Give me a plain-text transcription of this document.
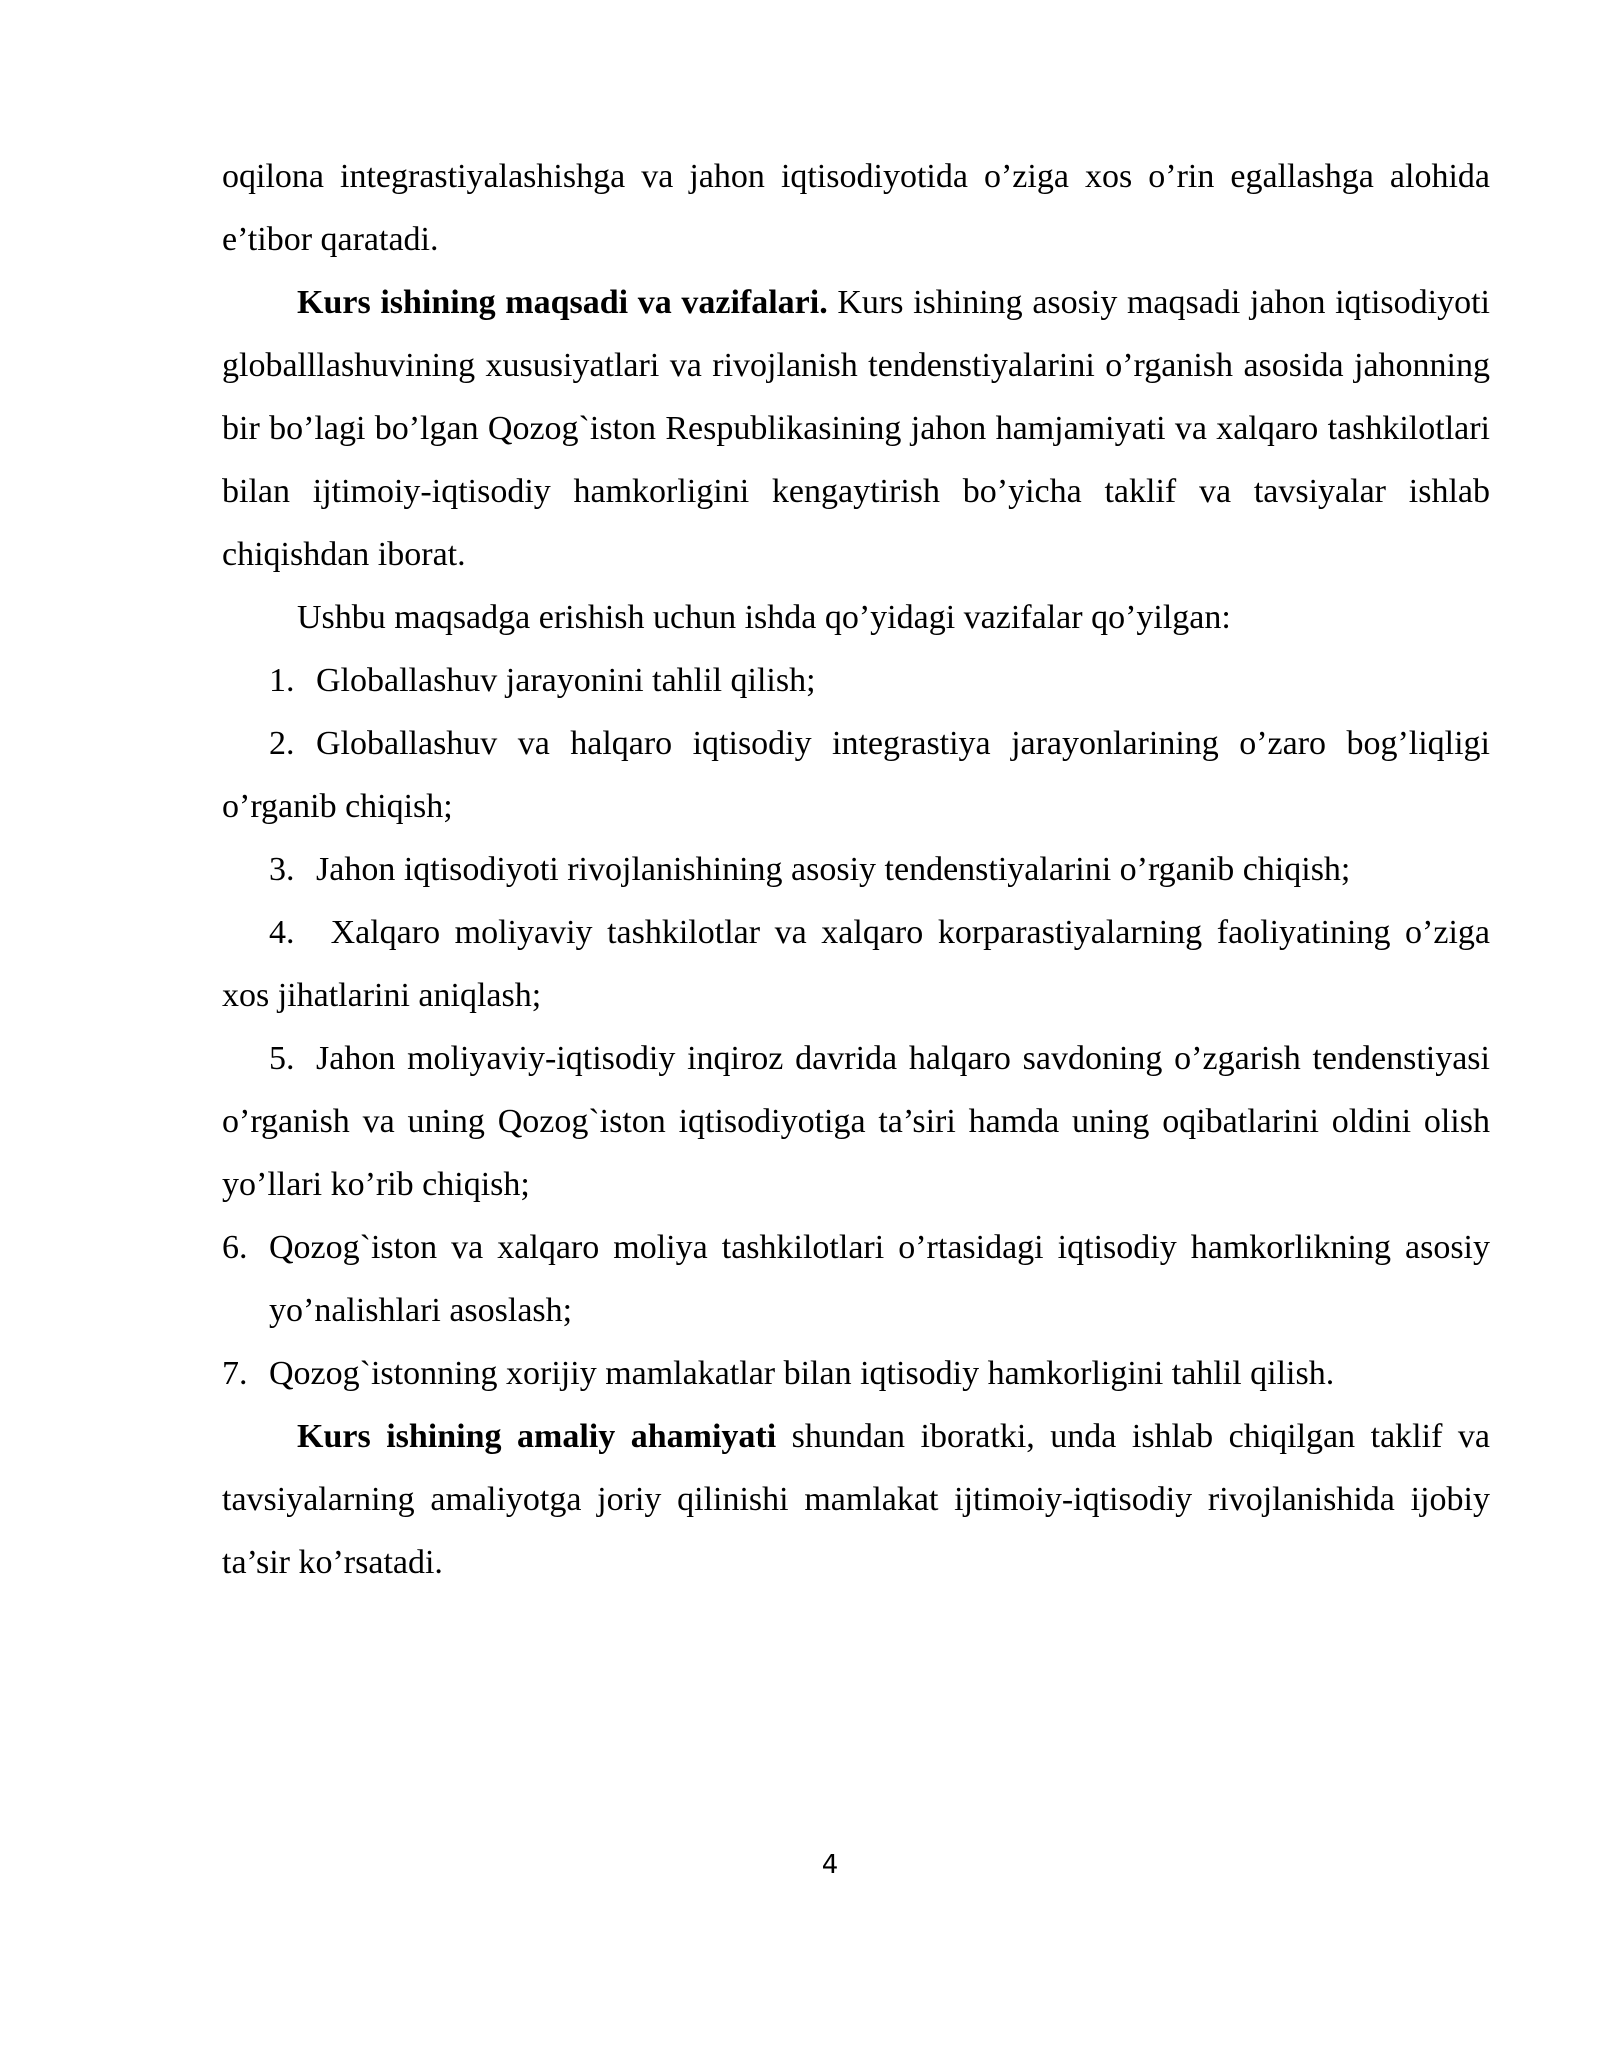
oqilona integrastiyalashishga va jahon iqtisodiyotida o’ziga xos o’rin egallashga alohida e’tibor qaratadi.

Kurs ishining maqsadi va vazifalari. Kurs ishining asosiy maqsadi jahon iqtisodiyoti globalllashuvining xususiyatlari va rivojlanish tendenstiyalarini o’rganish asosida jahonning bir bo’lagi bo’lgan Qozog`iston Respublikasining jahon hamjamiyati va xalqaro tashkilotlari bilan ijtimoiy-iqtisodiy hamkorligini kengaytirish bo’yicha taklif va tavsiyalar ishlab chiqishdan iborat.

Ushbu maqsadga erishish uchun ishda qo’yidagi vazifalar qo’yilgan:

1. Globallashuv jarayonini tahlil qilish;

2. Globallashuv va halqaro iqtisodiy integrastiya jarayonlarining o’zaro bog’liqligi o’rganib chiqish;

3. Jahon iqtisodiyoti rivojlanishining asosiy tendenstiyalarini o’rganib chiqish;

4. Xalqaro moliyaviy tashkilotlar va xalqaro korparastiyalarning faoliyatining o’ziga xos jihatlarini aniqlash;

5. Jahon moliyaviy-iqtisodiy inqiroz davrida halqaro savdoning o’zgarish tendenstiyasi o’rganish va uning Qozog`iston iqtisodiyotiga ta’siri hamda uning oqibatlarini oldini olish yo’llari ko’rib chiqish;

6. Qozog`iston va xalqaro moliya tashkilotlari o’rtasidagi iqtisodiy hamkorlikning asosiy yo’nalishlari asoslash;

7. Qozog`istonning xorijiy mamlakatlar bilan iqtisodiy hamkorligini tahlil qilish.

Kurs ishining amaliy ahamiyati shundan iboratki, unda ishlab chiqilgan taklif va tavsiyalarning amaliyotga joriy qilinishi mamlakat ijtimoiy-iqtisodiy rivojlanishida ijobiy ta’sir ko’rsatadi.

4
